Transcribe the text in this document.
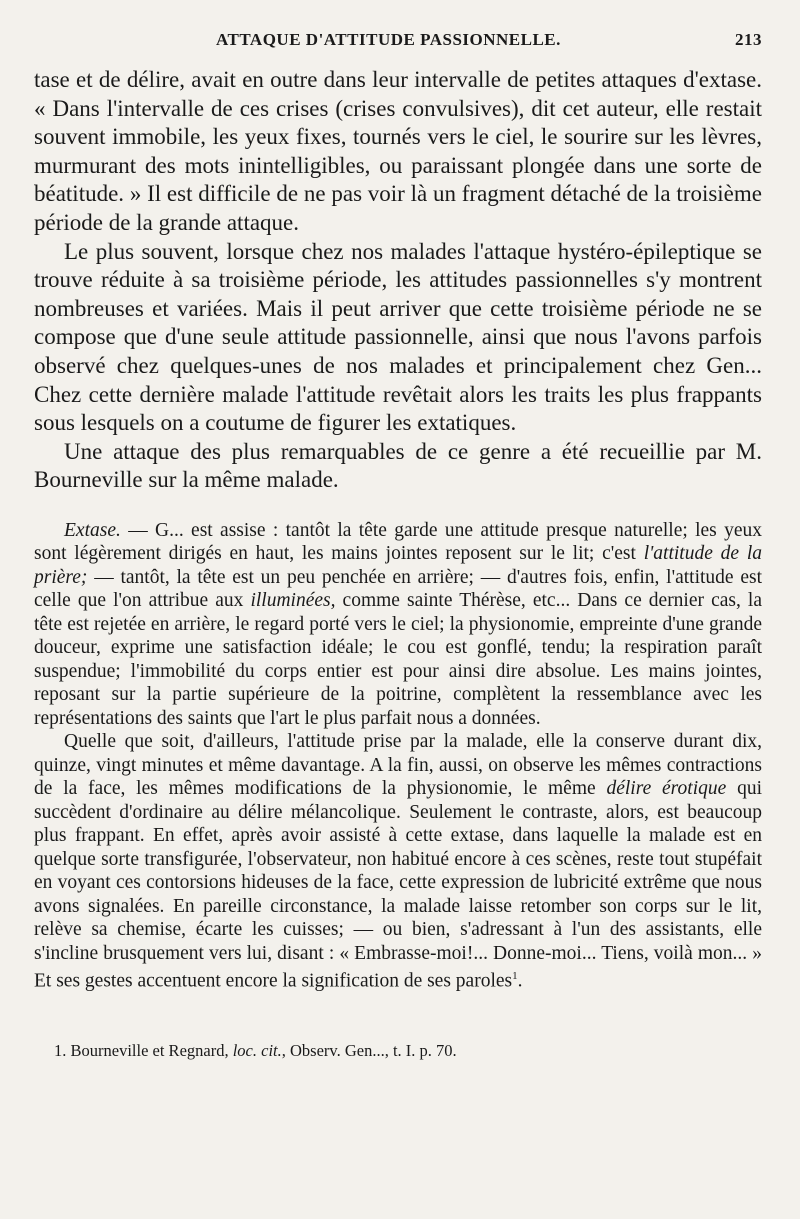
ATTAQUE D'ATTITUDE PASSIONNELLE.	213

tase et de délire, avait en outre dans leur intervalle de petites attaques d'extase. « Dans l'intervalle de ces crises (crises convulsives), dit cet auteur, elle restait souvent immobile, les yeux fixes, tournés vers le ciel, le sourire sur les lèvres, murmurant des mots inintelligibles, ou paraissant plongée dans une sorte de béatitude. » Il est difficile de ne pas voir là un fragment détaché de la troisième période de la grande attaque.

Le plus souvent, lorsque chez nos malades l'attaque hystéro-épileptique se trouve réduite à sa troisième période, les attitudes passionnelles s'y montrent nombreuses et variées. Mais il peut arriver que cette troisième période ne se compose que d'une seule attitude passionnelle, ainsi que nous l'avons parfois observé chez quelques-unes de nos malades et principalement chez Gen... Chez cette dernière malade l'attitude revêtait alors les traits les plus frappants sous lesquels on a coutume de figurer les extatiques.

Une attaque des plus remarquables de ce genre a été recueillie par M. Bourneville sur la même malade.

Extase. — G... est assise : tantôt la tête garde une attitude presque naturelle; les yeux sont légèrement dirigés en haut, les mains jointes reposent sur le lit; c'est l'attitude de la prière; — tantôt, la tête est un peu penchée en arrière; — d'autres fois, enfin, l'attitude est celle que l'on attribue aux illuminées, comme sainte Thérèse, etc... Dans ce dernier cas, la tête est rejetée en arrière, le regard porté vers le ciel; la physionomie, empreinte d'une grande douceur, exprime une satisfaction idéale; le cou est gonflé, tendu; la respiration paraît suspendue; l'immobilité du corps entier est pour ainsi dire absolue. Les mains jointes, reposant sur la partie supérieure de la poitrine, complètent la ressemblance avec les représentations des saints que l'art le plus parfait nous a données.

Quelle que soit, d'ailleurs, l'attitude prise par la malade, elle la conserve durant dix, quinze, vingt minutes et même davantage. A la fin, aussi, on observe les mêmes contractions de la face, les mêmes modifications de la physionomie, le même délire érotique qui succèdent d'ordinaire au délire mélancolique. Seulement le contraste, alors, est beaucoup plus frappant. En effet, après avoir assisté à cette extase, dans laquelle la malade est en quelque sorte transfigurée, l'observateur, non habitué encore à ces scènes, reste tout stupéfait en voyant ces contorsions hideuses de la face, cette expression de lubricité extrême que nous avons signalées. En pareille circonstance, la malade laisse retomber son corps sur le lit, relève sa chemise, écarte les cuisses; — ou bien, s'adressant à l'un des assistants, elle s'incline brusquement vers lui, disant : « Embrasse-moi!... Donne-moi... Tiens, voilà mon... » Et ses gestes accentuent encore la signification de ses paroles$^1$.

1. Bourneville et Regnard, loc. cit., Observ. Gen..., t. I. p. 70.
